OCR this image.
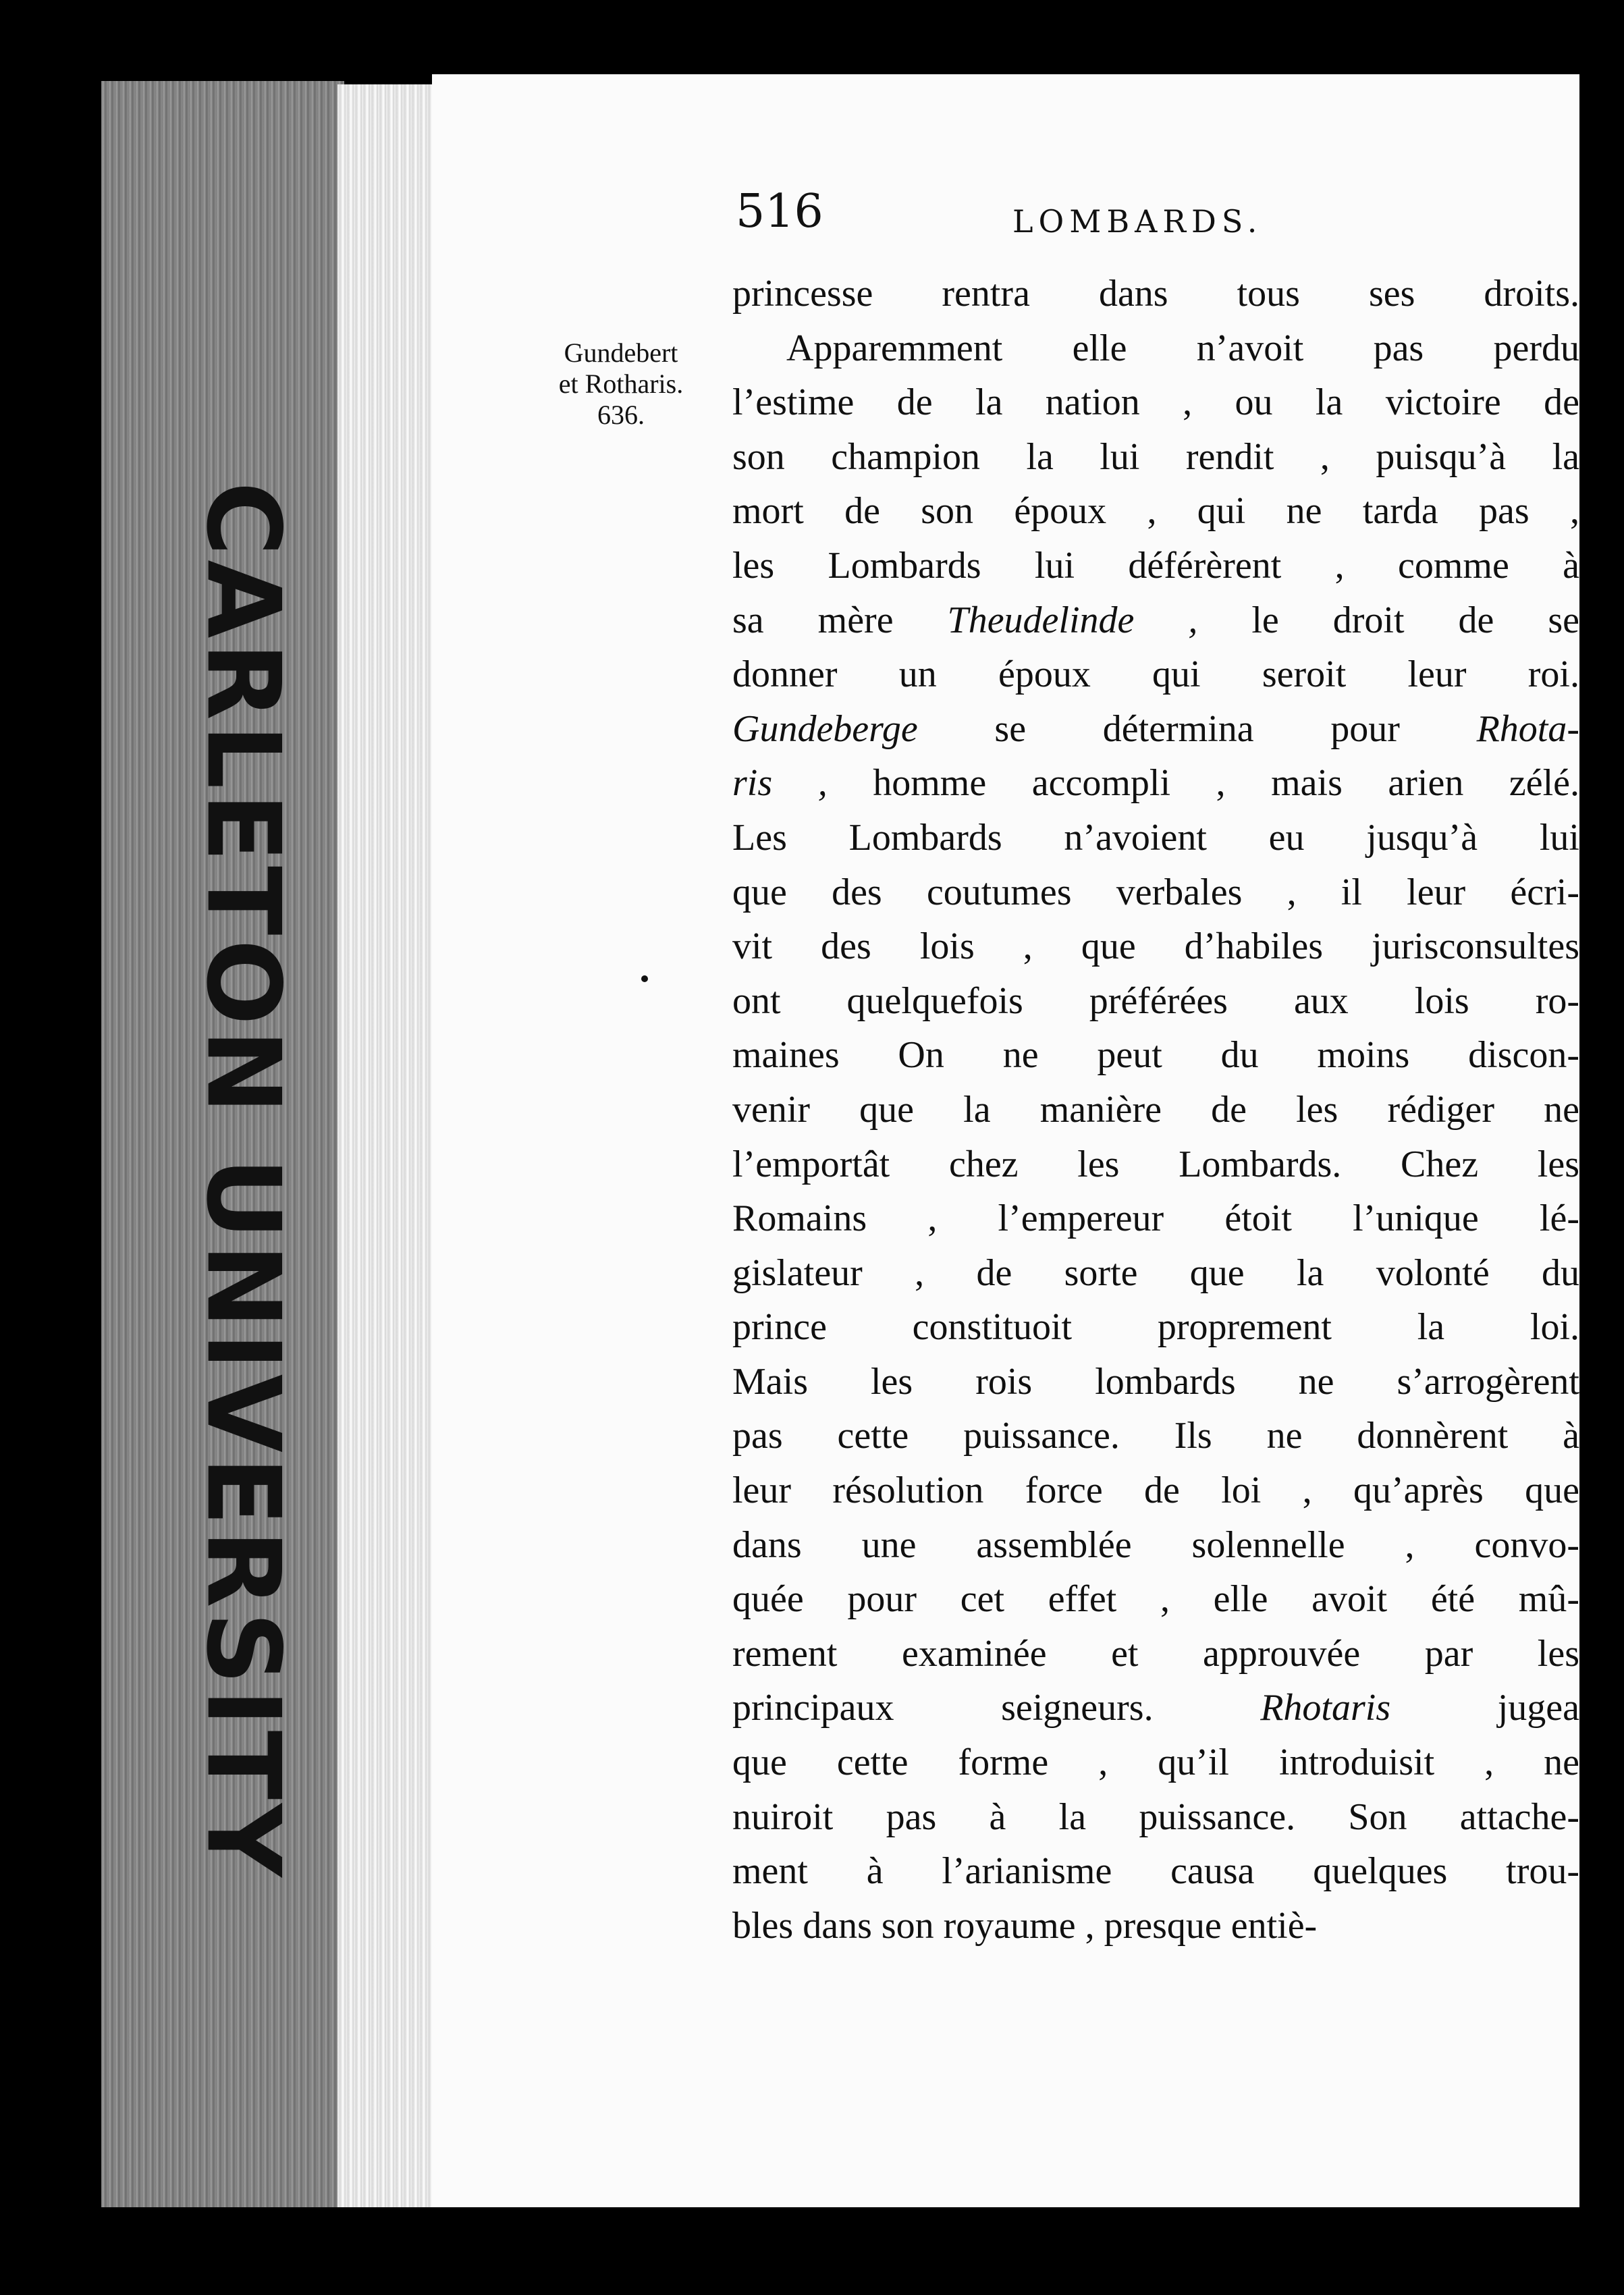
CARLETON UNIVERSITY
516	LOMBARDS.
Gundebert
et Rotharis.
636.
princesse rentra dans tous ses droits.
Apparemment elle n’avoit pas perdu
l’estime de la nation , ou la victoire de
son champion la lui rendit , puisqu’à la
mort de son époux , qui ne tarda pas ,
les Lombards lui déférèrent , comme à
sa mère Theudelinde , le droit de se
donner un époux qui seroit leur roi.
Gundeberge se détermina pour Rhota-
ris , homme accompli , mais arien zélé.
Les Lombards n’avoient eu jusqu’à lui
que des coutumes verbales , il leur écri-
vit des lois , que d’habiles jurisconsultes
ont quelquefois préférées aux lois ro-
maines On ne peut du moins discon-
venir que la manière de les rédiger ne
l’emportât chez les Lombards. Chez les
Romains , l’empereur étoit l’unique lé-
gislateur , de sorte que la volonté du
prince constituoit proprement la loi.
Mais les rois lombards ne s’arrogèrent
pas cette puissance. Ils ne donnèrent à
leur résolution force de loi , qu’après que
dans une assemblée solennelle , convo-
quée pour cet effet , elle avoit été mû-
rement examinée et approuvée par les
principaux seigneurs. Rhotaris jugea
que cette forme , qu’il introduisit , ne
nuiroit pas à la puissance. Son attache-
ment à l’arianisme causa quelques trou-
bles dans son royaume , presque entiè-
